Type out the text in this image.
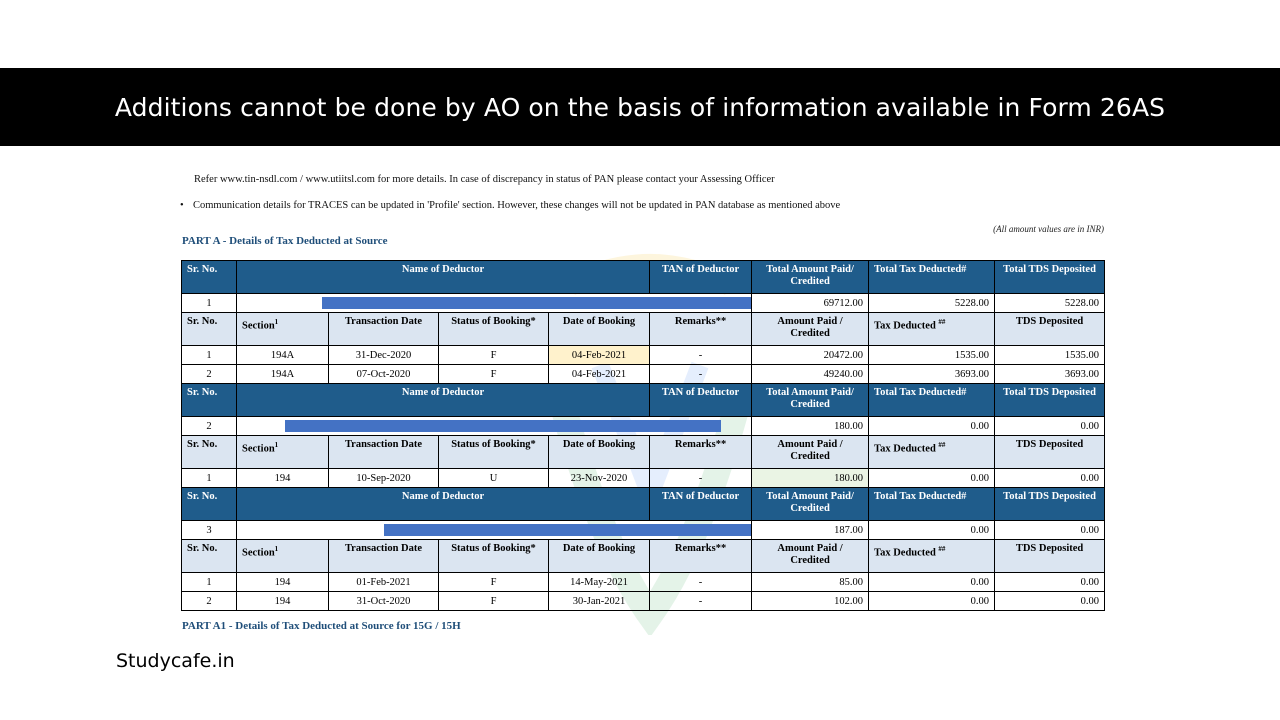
Additions cannot be done by AO on the basis of information available in Form 26AS
Refer www.tin-nsdl.com / www.utiitsl.com for more details. In case of discrepancy in status of PAN please contact your Assessing Officer
• Communication details for TRACES can be updated in 'Profile' section. However, these changes will not be updated in PAN database as mentioned above
(All amount values are in INR)
PART A - Details of Tax Deducted at Source
Sr. No.	Name of Deductor				TAN of Deductor	Total Amount Paid/ Credited	Total Tax Deducted#	Total TDS Deposited
1						69712.00	5228.00	5228.00
Sr. No.	Section$^1$	Transaction Date	Status of Booking*	Date of Booking	Remarks**	Amount Paid / Credited	Tax Deducted ##	TDS Deposited
1	194A	31-Dec-2020	F	04-Feb-2021	-	20472.00	1535.00	1535.00
2	194A	07-Oct-2020	F	04-Feb-2021	-	49240.00	3693.00	3693.00
Sr. No.	Name of Deductor				TAN of Deductor	Total Amount Paid/ Credited	Total Tax Deducted#	Total TDS Deposited
2						180.00	0.00	0.00
Sr. No.	Section$^1$	Transaction Date	Status of Booking*	Date of Booking	Remarks**	Amount Paid / Credited	Tax Deducted ##	TDS Deposited
1	194	10-Sep-2020	U	23-Nov-2020	-	180.00	0.00	0.00
Sr. No.	Name of Deductor				TAN of Deductor	Total Amount Paid/ Credited	Total Tax Deducted#	Total TDS Deposited
3						187.00	0.00	0.00
Sr. No.	Section$^1$	Transaction Date	Status of Booking*	Date of Booking	Remarks**	Amount Paid / Credited	Tax Deducted ##	TDS Deposited
1	194	01-Feb-2021	F	14-May-2021	-	85.00	0.00	0.00
2	194	31-Oct-2020	F	30-Jan-2021	-	102.00	0.00	0.00
PART A1 - Details of Tax Deducted at Source for 15G / 15H
Studycafe.in
